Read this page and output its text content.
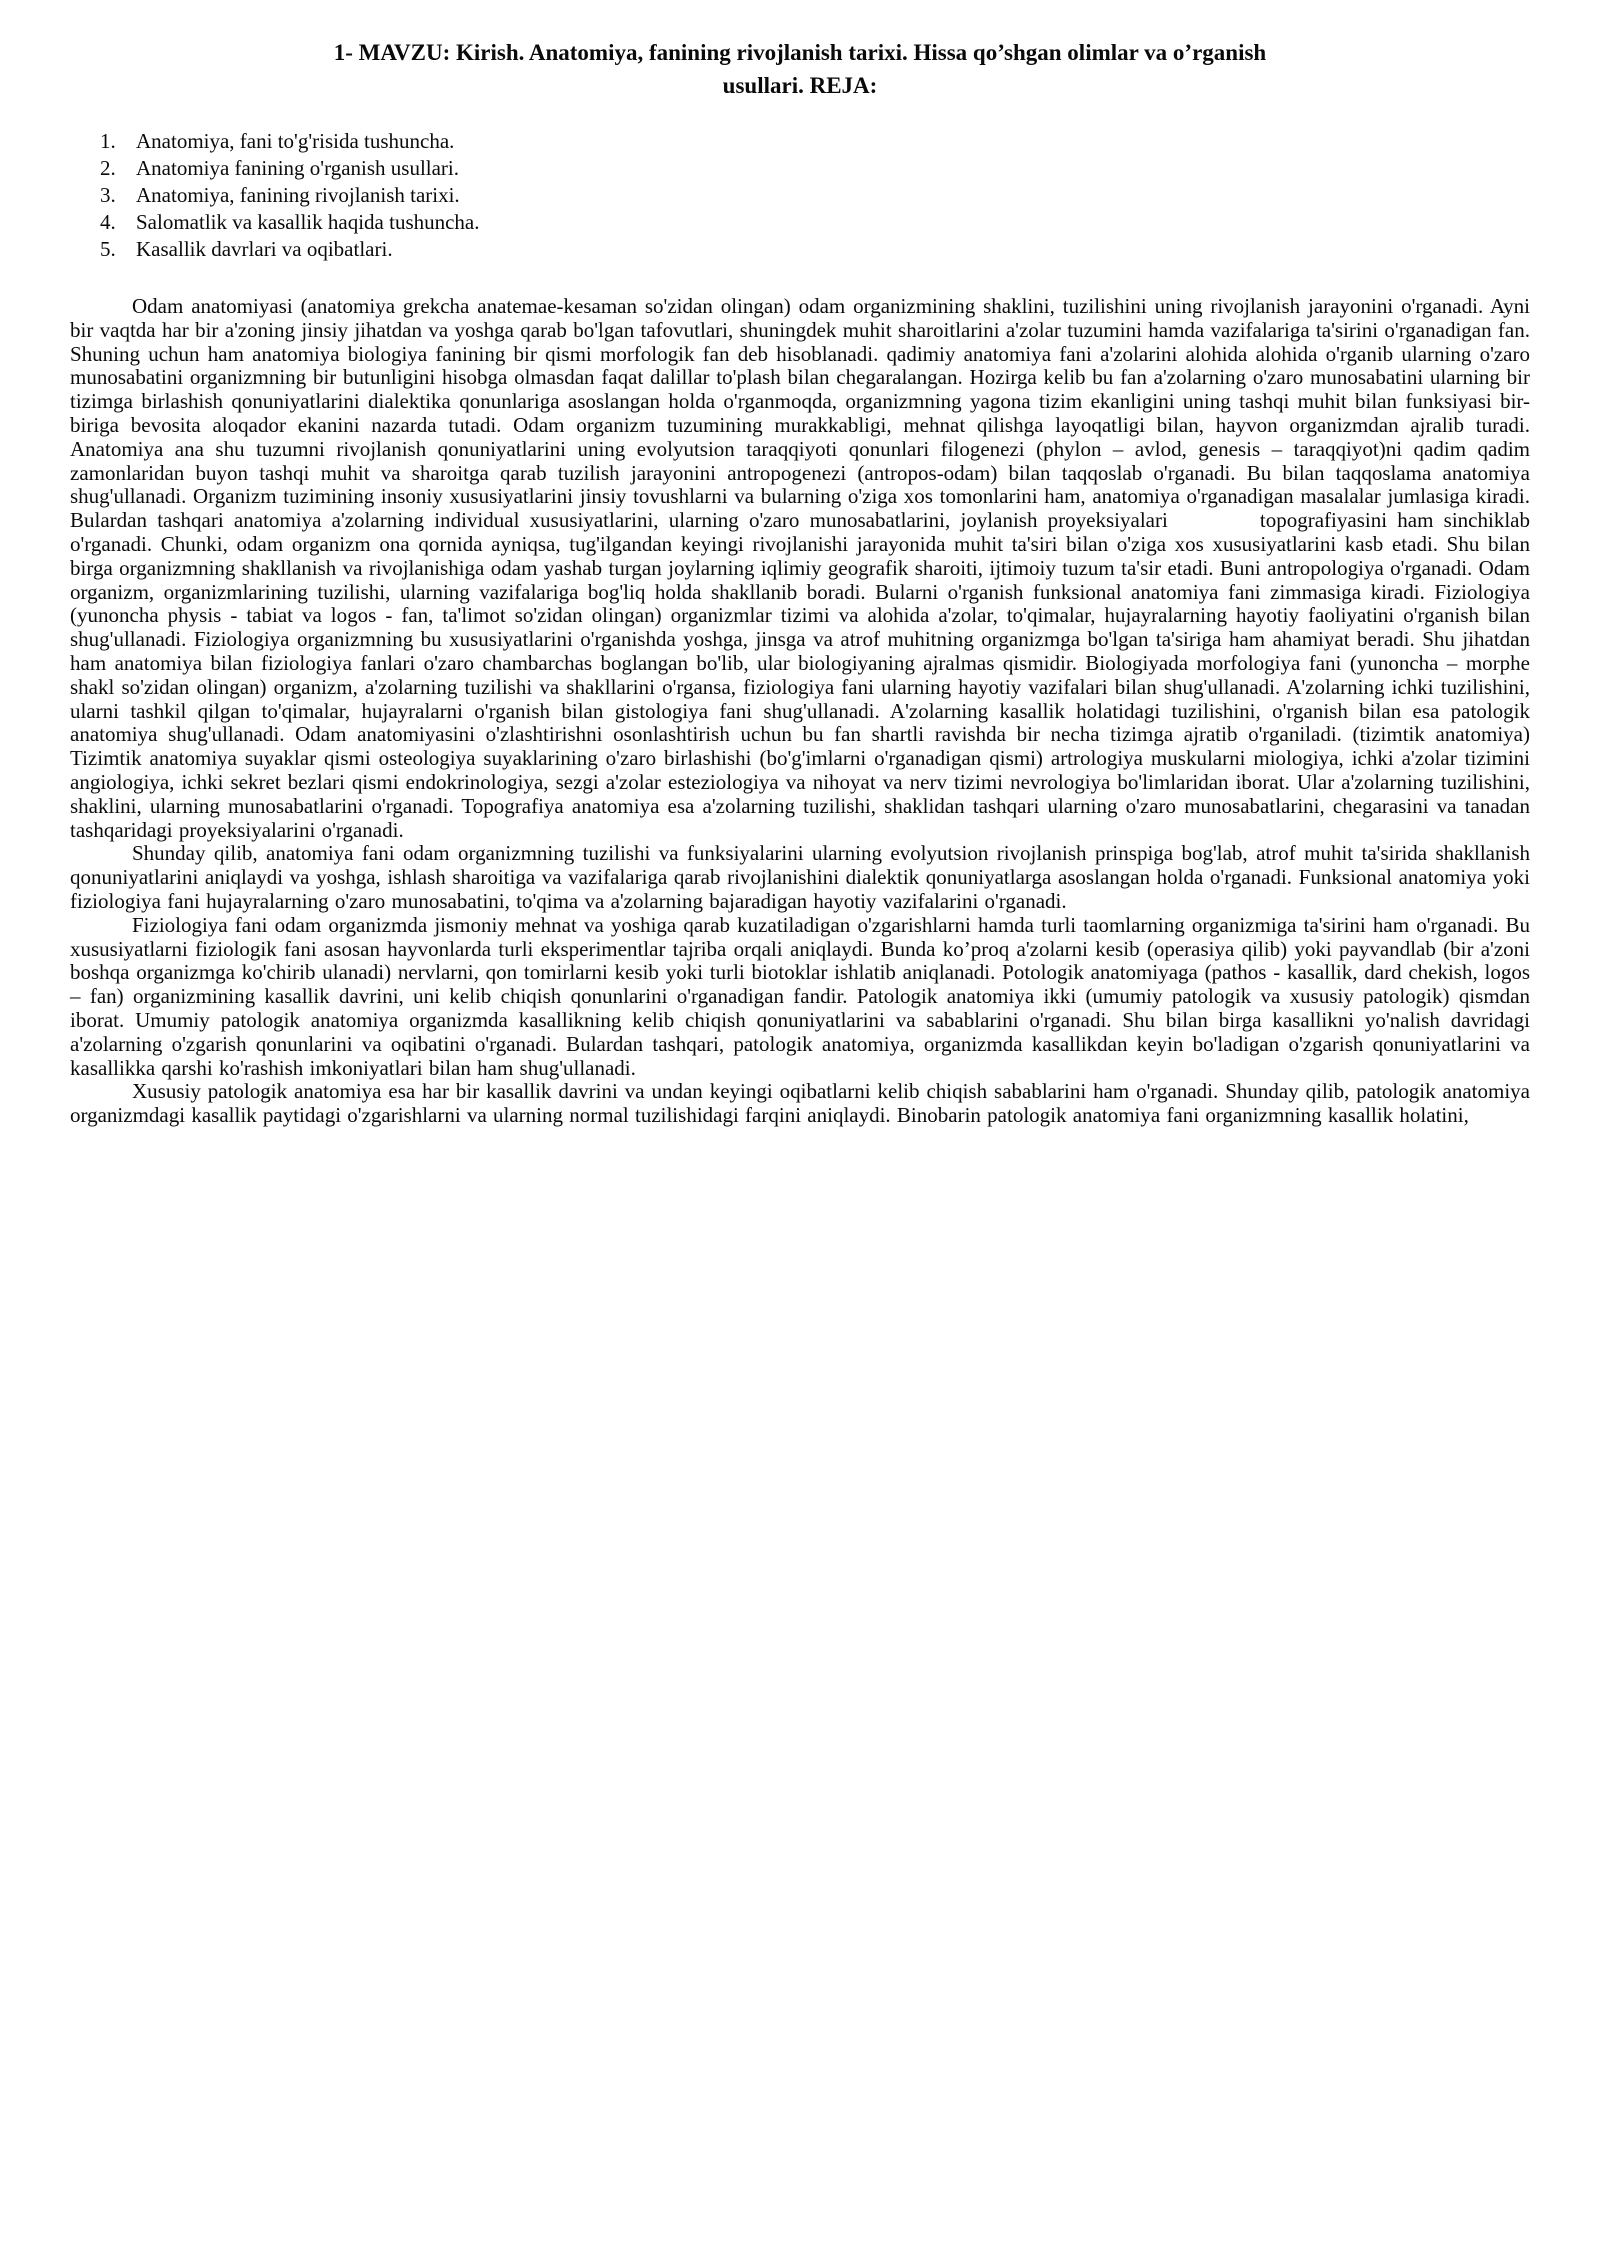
1- MAVZU: Kirish. Anatomiya, fanining rivojlanish tarixi. Hissa qo’shgan olimlar va o’rganish
usullari. REJA:
1. Anatomiya, fani to'g'risida tushuncha.
2. Anatomiya fanining o'rganish usullari.
3. Anatomiya, fanining rivojlanish tarixi.
4. Salomatlik va kasallik haqida tushuncha.
5. Kasallik davrlari va oqibatlari.

Odam anatomiyasi (anatomiya grekcha anatemae-kesaman so'zidan olingan) odam organizmining shaklini, tuzilishini uning rivojlanish jarayonini o'rganadi. Ayni bir vaqtda har bir a'zoning jinsiy jihatdan va yoshga qarab bo'lgan tafovutlari, shuningdek muhit sharoitlarini a'zolar tuzumini hamda vazifalariga ta'sirini o'rganadigan fan. Shuning uchun ham anatomiya biologiya fanining bir qismi morfologik fan deb hisoblanadi. qadimiy anatomiya fani a'zolarini alohida alohida o'rganib ularning o'zaro munosabatini organizmning bir butunligini hisobga olmasdan faqat dalillar to'plash bilan chegaralangan. Hozirga kelib bu fan a'zolarning o'zaro munosabatini ularning bir tizimga birlashish qonuniyatlarini dialektika qonunlariga asoslangan holda o'rganmoqda, organizmning yagona tizim ekanligini uning tashqi muhit bilan funksiyasi bir-biriga bevosita aloqador ekanini nazarda tutadi. Odam organizm tuzumining murakkabligi, mehnat qilishga layoqatligi bilan, hayvon organizmdan ajralib turadi. Anatomiya ana shu tuzumni rivojlanish qonuniyatlarini uning evolyutsion taraqqiyoti qonunlari filogenezi (phylon – avlod, genesis – taraqqiyot)ni qadim qadim zamonlaridan buyon tashqi muhit va sharoitga qarab tuzilish jarayonini antropogenezi (antropos-odam) bilan taqqoslab o'rganadi. Bu bilan taqqoslama anatomiya shug'ullanadi. Organizm tuzimining insoniy xususiyatlarini jinsiy tovushlarni va bularning o'ziga xos tomonlarini ham, anatomiya o'rganadigan masalalar jumlasiga kiradi. Bulardan tashqari anatomiya a'zolarning individual xususiyatlarini, ularning o'zaro munosabatlarini, joylanish proyeksiyalari         topografiyasini ham sinchiklab o'rganadi. Chunki, odam organizm ona qornida ayniqsa, tug'ilgandan keyingi rivojlanishi jarayonida muhit ta'siri bilan o'ziga xos xususiyatlarini kasb etadi. Shu bilan birga organizmning shakllanish va rivojlanishiga odam yashab turgan joylarning iqlimiy geografik sharoiti, ijtimoiy tuzum ta'sir etadi. Buni antropologiya o'rganadi. Odam organizm, organizmlarining tuzilishi, ularning vazifalariga bog'liq holda shakllanib boradi. Bularni o'rganish funksional anatomiya fani zimmasiga kiradi. Fiziologiya (yunoncha physis - tabiat va logos - fan, ta'limot so'zidan olingan) organizmlar tizimi va alohida a'zolar, to'qimalar, hujayralarning hayotiy faoliyatini o'rganish bilan shug'ullanadi. Fiziologiya organizmning bu xususiyatlarini o'rganishda yoshga, jinsga va atrof muhitning organizmga bo'lgan ta'siriga ham ahamiyat beradi. Shu jihatdan ham anatomiya bilan fiziologiya fanlari o'zaro chambarchas boglangan bo'lib, ular biologiyaning ajralmas qismidir. Biologiyada morfologiya fani (yunoncha – morphe shakl so'zidan olingan) organizm, a'zolarning tuzilishi va shakllarini o'rgansa, fiziologiya fani ularning hayotiy vazifalari bilan shug'ullanadi. A'zolarning ichki tuzilishini, ularni tashkil qilgan to'qimalar, hujayralarni o'rganish bilan gistologiya fani shug'ullanadi. A'zolarning kasallik holatidagi tuzilishini, o'rganish bilan esa patologik anatomiya shug'ullanadi. Odam anatomiyasini o'zlashtirishni osonlashtirish uchun bu fan shartli ravishda bir necha tizimga ajratib o'rganiladi. (tizimtik anatomiya) Tizimtik anatomiya suyaklar qismi osteologiya suyaklarining o'zaro birlashishi (bo'g'imlarni o'rganadigan qismi) artrologiya muskularni miologiya, ichki a'zolar tizimini angiologiya, ichki sekret bezlari qismi endokrinologiya, sezgi a'zolar esteziologiya va nihoyat va nerv tizimi nevrologiya bo'limlaridan iborat. Ular a'zolarning tuzilishini, shaklini, ularning munosabatlarini o'rganadi. Topografiya anatomiya esa a'zolarning tuzilishi, shaklidan tashqari ularning o'zaro munosabatlarini, chegarasini va tanadan tashqaridagi proyeksiyalarini o'rganadi.

Shunday qilib, anatomiya fani odam organizmning tuzilishi va funksiyalarini ularning evolyutsion rivojlanish prinspiga bog'lab, atrof muhit ta'sirida shakllanish qonuniyatlarini aniqlaydi va yoshga, ishlash sharoitiga va vazifalariga qarab rivojlanishini dialektik qonuniyatlarga asoslangan holda o'rganadi. Funksional anatomiya yoki fiziologiya fani hujayralarning o'zaro munosabatini, to'qima va a'zolarning bajaradigan hayotiy vazifalarini o'rganadi.

Fiziologiya fani odam organizmda jismoniy mehnat va yoshiga qarab kuzatiladigan o'zgarishlarni hamda turli taomlarning organizmiga ta'sirini ham o'rganadi. Bu xususiyatlarni fiziologik fani asosan hayvonlarda turli eksperimentlar tajriba orqali aniqlaydi. Bunda ko’proq a'zolarni kesib (operasiya qilib) yoki payvandlab (bir a'zoni boshqa organizmga ko'chirib ulanadi) nervlarni, qon tomirlarni kesib yoki turli biotoklar ishlatib aniqlanadi. Potologik anatomiyaga (pathos - kasallik, dard chekish, logos – fan) organizmining kasallik davrini, uni kelib chiqish qonunlarini o'rganadigan fandir. Patologik anatomiya ikki (umumiy patologik va xususiy patologik) qismdan iborat. Umumiy patologik anatomiya organizmda kasallikning kelib chiqish qonuniyatlarini va sabablarini o'rganadi. Shu bilan birga kasallikni yo'nalish davridagi a'zolarning o'zgarish qonunlarini va oqibatini o'rganadi. Bulardan tashqari, patologik anatomiya, organizmda kasallikdan keyin bo'ladigan o'zgarish qonuniyatlarini va kasallikka qarshi ko'rashish imkoniyatlari bilan ham shug'ullanadi.

Xususiy patologik anatomiya esa har bir kasallik davrini va undan keyingi oqibatlarni kelib chiqish sabablarini ham o'rganadi. Shunday qilib, patologik anatomiya organizmdagi kasallik paytidagi o'zgarishlarni va ularning normal tuzilishidagi farqini aniqlaydi. Binobarin patologik anatomiya fani organizmning kasallik holatini,
